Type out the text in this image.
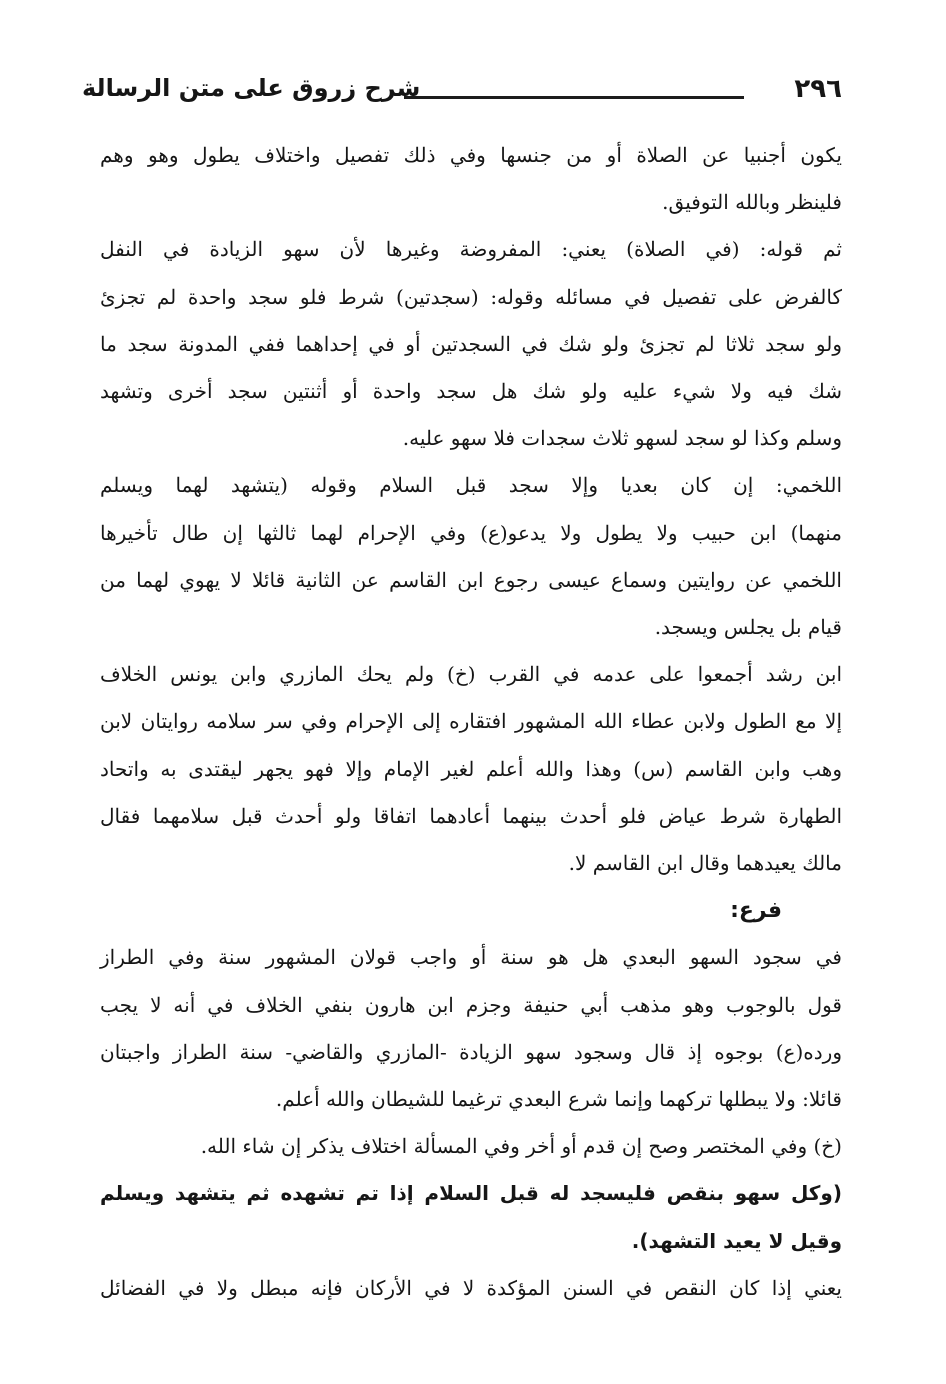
٢٩٦
شرح زروق على متن الرسالة

يكون أجنبيا عن الصلاة أو من جنسها وفي ذلك تفصيل واختلاف يطول وهو وهم
فلينظر وبالله التوفيق.

ثم قوله: (في الصلاة) يعني: المفروضة وغيرها لأن سهو الزيادة في النفل
كالفرض على تفصيل في مسائله وقوله: (سجدتين) شرط فلو سجد واحدة لم تجزئ
ولو سجد ثلاثا لم تجزئ ولو شك في السجدتين أو في إحداهما ففي المدونة سجد ما
شك فيه ولا شيء عليه ولو شك هل سجد واحدة أو أثنتين سجد أخرى وتشهد
وسلم وكذا لو سجد لسهو ثلاث سجدات فلا سهو عليه.

اللخمي: إن كان بعديا وإلا سجد قبل السلام وقوله (يتشهد لهما ويسلم
منهما) ابن حبيب ولا يطول ولا يدعو(ع) وفي الإحرام لهما ثالثها إن طال تأخيرها
اللخمي عن روايتين وسماع عيسى رجوع ابن القاسم عن الثانية قائلا لا يهوي لهما من
قيام بل يجلس ويسجد.

ابن رشد أجمعوا على عدمه في القرب (خ) ولم يحك المازري وابن يونس الخلاف
إلا مع الطول ولابن عطاء الله المشهور افتقاره إلى الإحرام وفي سر سلامه روايتان لابن
وهب وابن القاسم (س) وهذا والله أعلم لغير الإمام وإلا فهو يجهر ليقتدى به واتحاد
الطهارة شرط عياض فلو أحدث بينهما أعادهما اتفاقا ولو أحدث قبل سلامهما فقال
مالك يعيدهما وقال ابن القاسم لا.

فرع:

في سجود السهو البعدي هل هو سنة أو واجب قولان المشهور سنة وفي الطراز
قول بالوجوب وهو مذهب أبي حنيفة وجزم ابن هارون بنفي الخلاف في أنه لا يجب
ورده(ع) بوجوه إذ قال وسجود سهو الزيادة -المازري والقاضي- سنة الطراز واجبتان
قائلا: ولا يبطلها تركهما وإنما شرع البعدي ترغيما للشيطان والله أعلم.

(خ) وفي المختصر وصح إن قدم أو أخر وفي المسألة اختلاف يذكر إن شاء الله.

(وكل سهو بنقص فليسجد له قبل السلام إذا تم تشهده ثم يتشهد ويسلم
وقيل لا يعيد التشهد).

يعني إذا كان النقص في السنن المؤكدة لا في الأركان فإنه مبطل ولا في الفضائل
